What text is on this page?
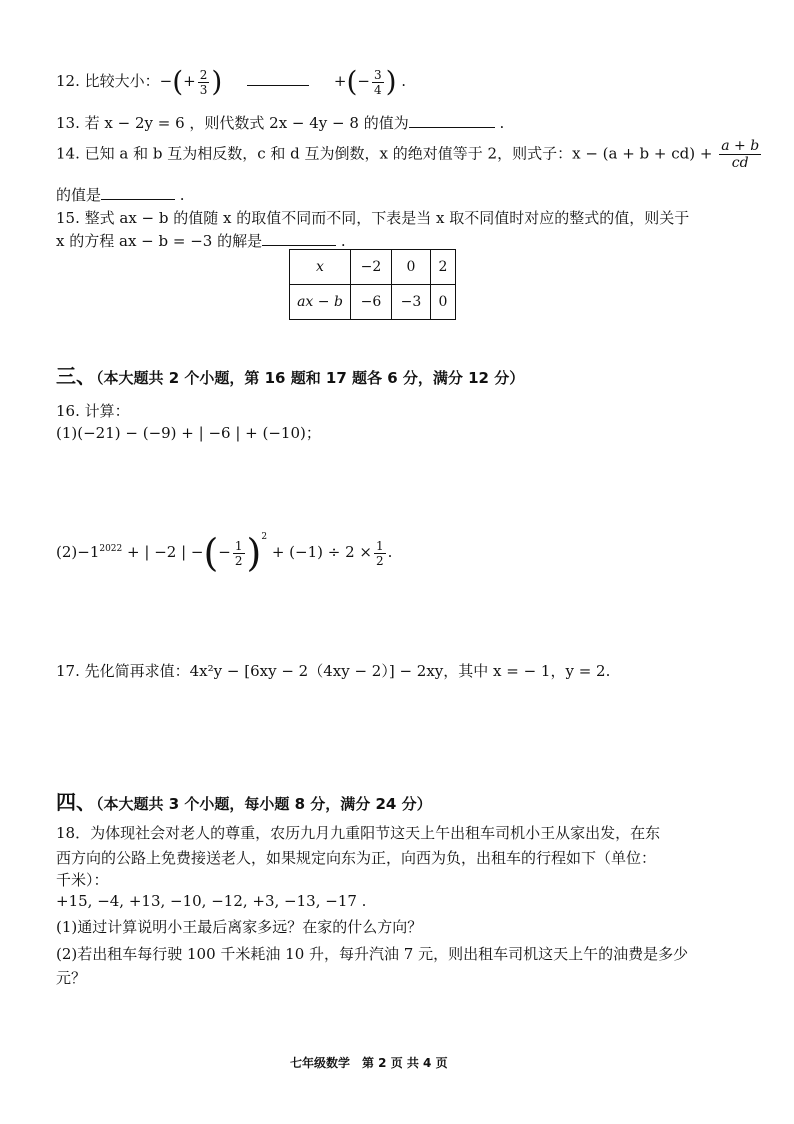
12. 比较大小：−(+ $\frac{2}{3}$ )	+(− $\frac{3}{4}$ ) .
13. 若 x − 2y = 6 ，则代数式 2x − 4y − 8 的值为	.
14. 已知 a 和 b 互为相反数，c 和 d 互为倒数，x 的绝对值等于 2，则式子：$x - (a + b + cd) + \frac{a + b}{cd}$
的值是	.
15. 整式 ax − b 的值随 x 的取值不同而不同，下表是当 x 取不同值时对应的整式的值，则关于
x 的方程 ax − b = −3 的解是	.
x	−2	0	2
ax − b	−6	−3	0
三、（本大题共 2 个小题，第 16 题和 17 题各 6 分，满分 12 分）
16. 计算：
(1)(−21) − (−9) + | −6 | + (−10)；
$(2)-1^{2022}$ + | −2 | −(− $\frac{1}{2} )^2 + (-1) \div 2 \times \frac{1}{2}$ .
17. 先化简再求值：4x²y − [6xy − 2（4xy − 2）] − 2xy，其中 x = − 1，y = 2.
四、（本大题共 3 个小题，每小题 8 分，满分 24 分）
18．为体现社会对老人的尊重，农历九月九重阳节这天上午出租车司机小王从家出发，在东
西方向的公路上免费接送老人，如果规定向东为正，向西为负，出租车的行程如下（单位：
千米）：
+15, −4, +13, −10, −12, +3, −13, −17 .
(1)通过计算说明小王最后离家多远？在家的什么方向？
(2)若出租车每行驶 100 千米耗油 10 升，每升汽油 7 元，则出租车司机这天上午的油费是多少
元？
七年级数学　第 2 页 共 4 页
